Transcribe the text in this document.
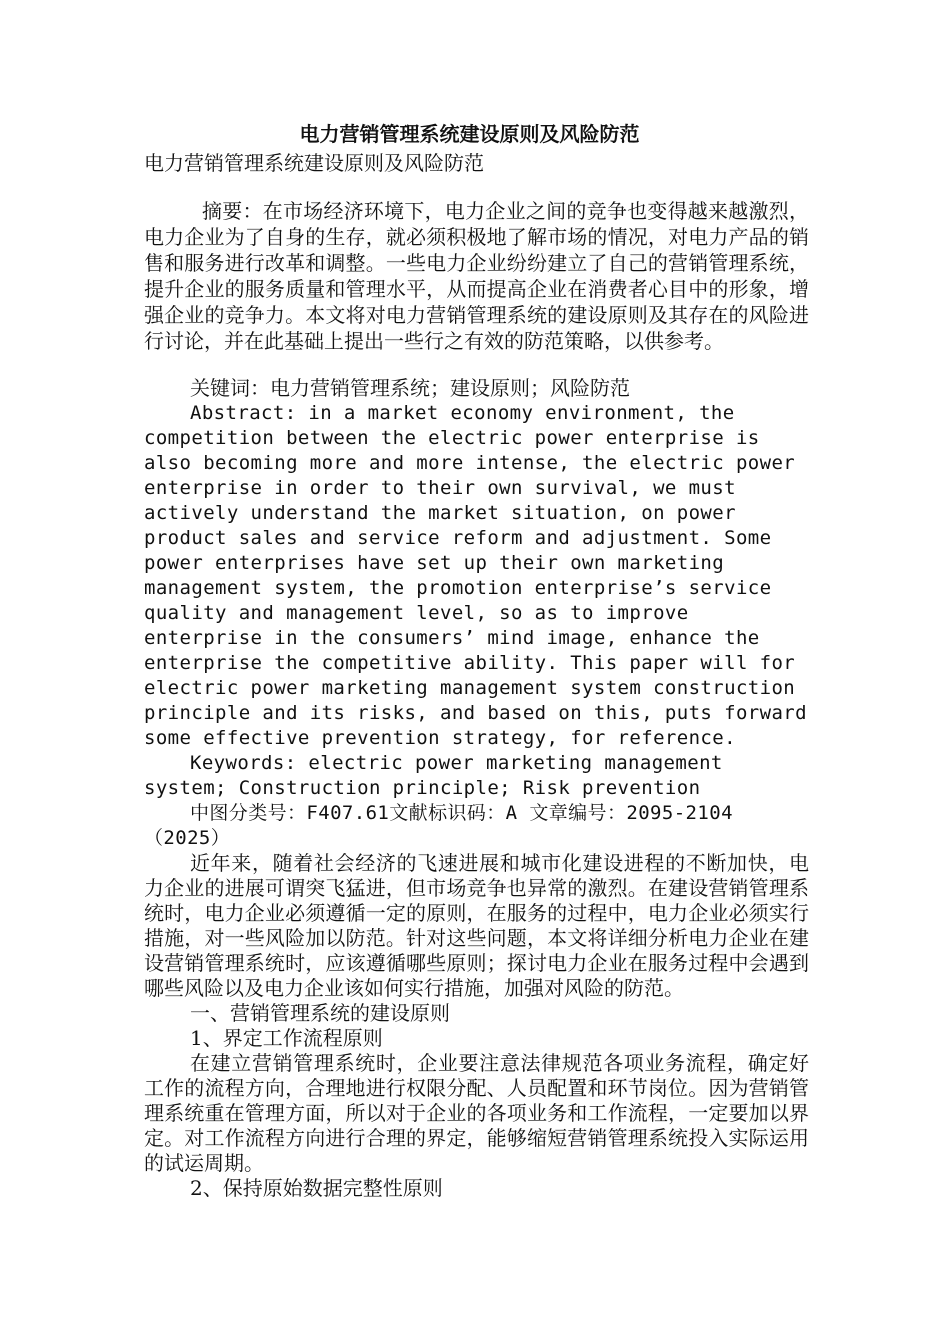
电力营销管理系统建设原则及风险防范
电力营销管理系统建设原则及风险防范
摘要：在市场经济环境下，电力企业之间的竞争也变得越来越激烈，电力企业为了自身的生存，就必须积极地了解市场的情况，对电力产品的销售和服务进行改革和调整。一些电力企业纷纷建立了自己的营销管理系统，提升企业的服务质量和管理水平，从而提高企业在消费者心目中的形象，增强企业的竞争力。本文将对电力营销管理系统的建设原则及其存在的风险进行讨论，并在此基础上提出一些行之有效的防范策略，以供参考。
关键词：电力营销管理系统；建设原则；风险防范
Abstract: in a market economy environment, the competition between the electric power enterprise is also becoming more and more intense, the electric power enterprise in order to their own survival, we must actively understand the market situation, on power product sales and service reform and adjustment. Some power enterprises have set up their own marketing management system, the promotion enterprise’s service quality and management level, so as to improve enterprise in the consumers’ mind image, enhance the enterprise the competitive ability. This paper will for electric power marketing management system construction principle and its risks, and based on this, puts forward some effective prevention strategy, for reference.
Keywords: electric power marketing management system; Construction principle; Risk prevention
中图分类号：F407.61文献标识码：A 文章编号：2095-2104（2025）
近年来，随着社会经济的飞速进展和城市化建设进程的不断加快，电力企业的进展可谓突飞猛进，但市场竞争也异常的激烈。在建设营销管理系统时，电力企业必须遵循一定的原则，在服务的过程中，电力企业必须实行措施，对一些风险加以防范。针对这些问题，本文将详细分析电力企业在建设营销管理系统时，应该遵循哪些原则；探讨电力企业在服务过程中会遇到哪些风险以及电力企业该如何实行措施，加强对风险的防范。
一、营销管理系统的建设原则
1、界定工作流程原则
在建立营销管理系统时，企业要注意法律规范各项业务流程，确定好工作的流程方向，合理地进行权限分配、人员配置和环节岗位。因为营销管理系统重在管理方面，所以对于企业的各项业务和工作流程，一定要加以界定。对工作流程方向进行合理的界定，能够缩短营销管理系统投入实际运用的试运周期。
2、保持原始数据完整性原则
